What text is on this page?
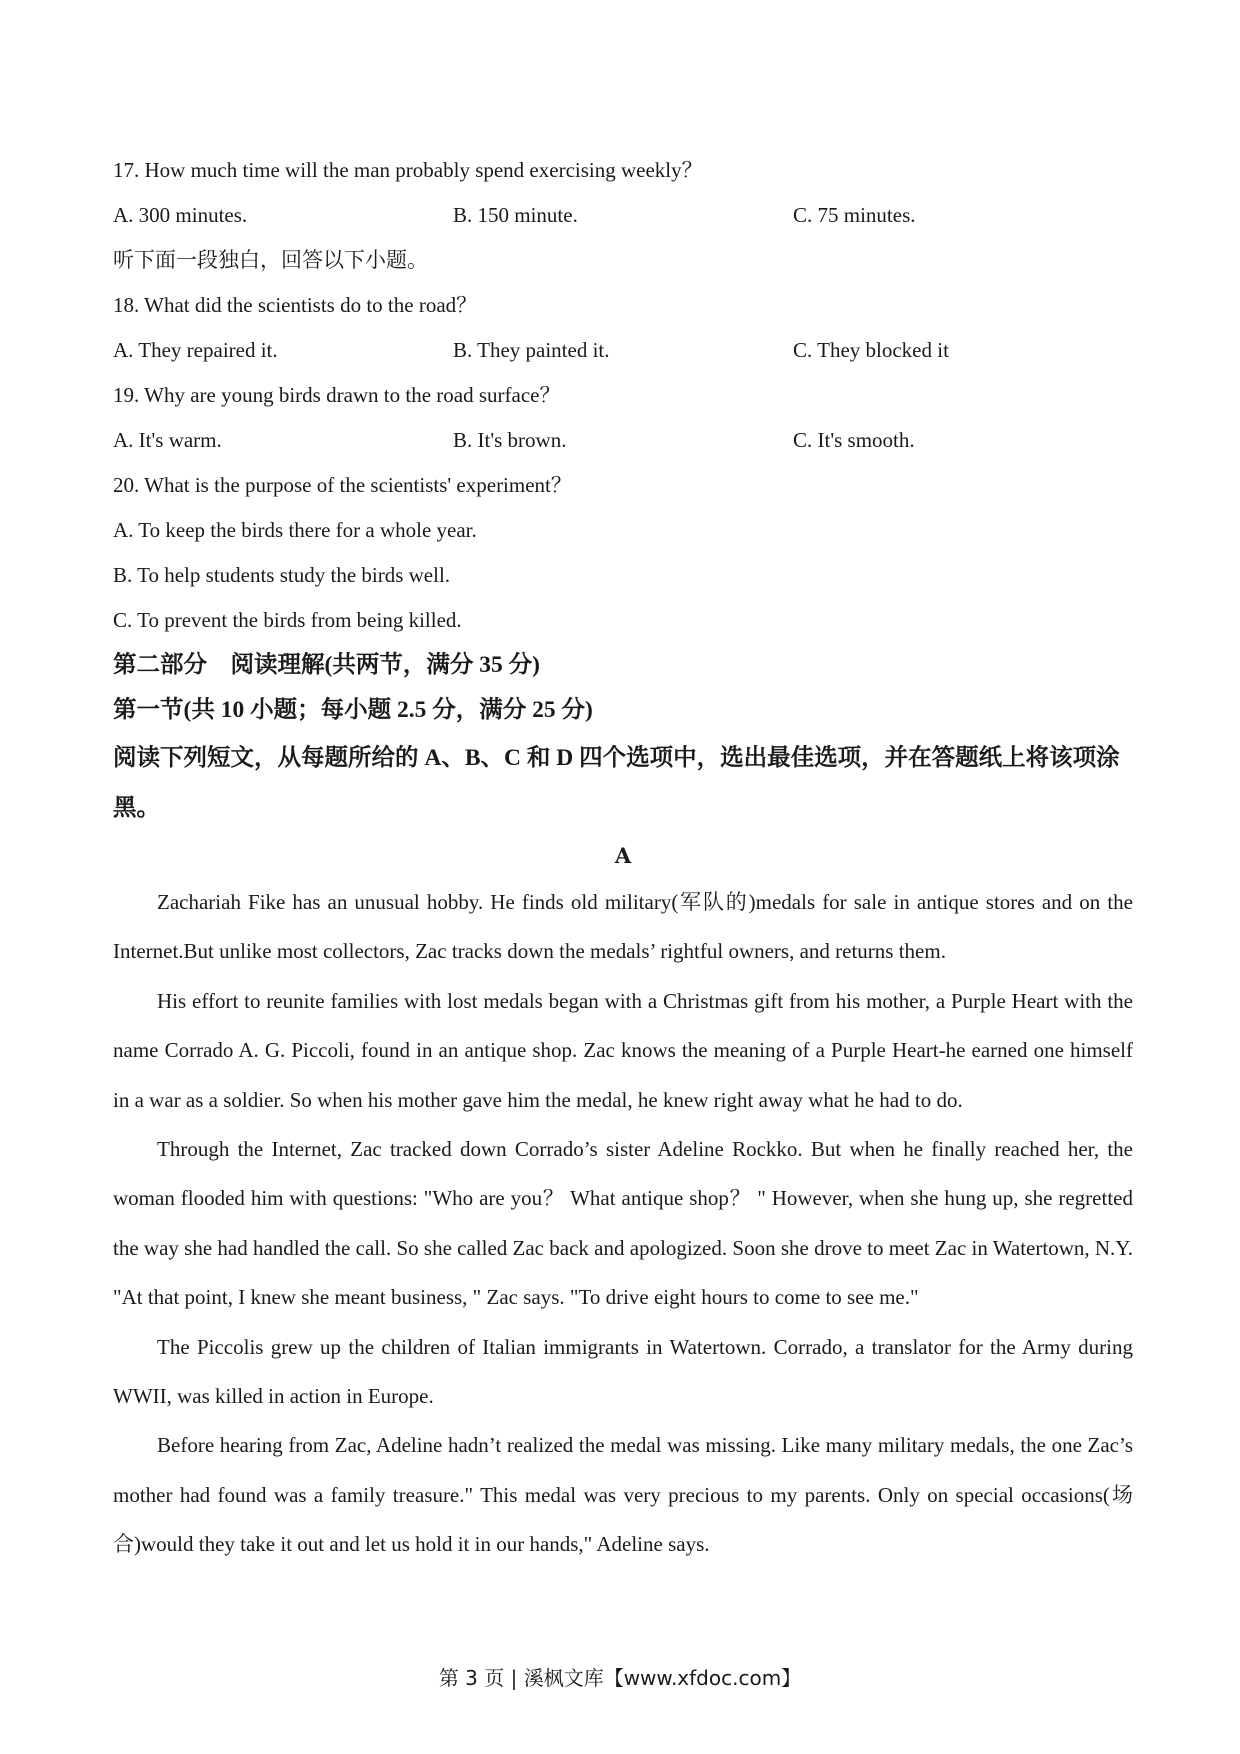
17. How much time will the man probably spend exercising weekly？
A. 300 minutes.	B. 150 minute.	C. 75 minutes.
听下面一段独白，回答以下小题。
18. What did the scientists do to the road？
A. They repaired it.	B. They painted it.	C. They blocked it
19. Why are young birds drawn to the road surface？
A. It's warm.	B. It's brown.	C. It's smooth.
20. What is the purpose of the scientists' experiment？
A. To keep the birds there for a whole year.
B. To help students study the birds well.
C. To prevent the birds from being killed.
第二部分　阅读理解(共两节，满分 35 分)
第一节(共 10 小题；每小题 2.5 分，满分 25 分)
阅读下列短文，从每题所给的 A、B、C 和 D 四个选项中，选出最佳选项，并在答题纸上将该项涂黑。
A
Zachariah Fike has an unusual hobby. He finds old military(军队的)medals for sale in antique stores and on the Internet.But unlike most collectors, Zac tracks down the medals’ rightful owners, and returns them.
His effort to reunite families with lost medals began with a Christmas gift from his mother, a Purple Heart with the name Corrado A. G. Piccoli, found in an antique shop. Zac knows the meaning of a Purple Heart-he earned one himself in a war as a soldier. So when his mother gave him the medal, he knew right away what he had to do.
Through the Internet, Zac tracked down Corrado’s sister Adeline Rockko. But when he finally reached her, the woman flooded him with questions: "Who are you？ What antique shop？ " However, when she hung up, she regretted the way she had handled the call. So she called Zac back and apologized. Soon she drove to meet Zac in Watertown, N.Y. "At that point, I knew she meant business, " Zac says. "To drive eight hours to come to see me."
The Piccolis grew up the children of Italian immigrants in Watertown. Corrado, a translator for the Army during WWII, was killed in action in Europe.
Before hearing from Zac, Adeline hadn’t realized the medal was missing. Like many military medals, the one Zac’s mother had found was a family treasure." This medal was very precious to my parents. Only on special occasions(场合)would they take it out and let us hold it in our hands," Adeline says.
第 3 页 | 溪枫文库【www.xfdoc.com】
